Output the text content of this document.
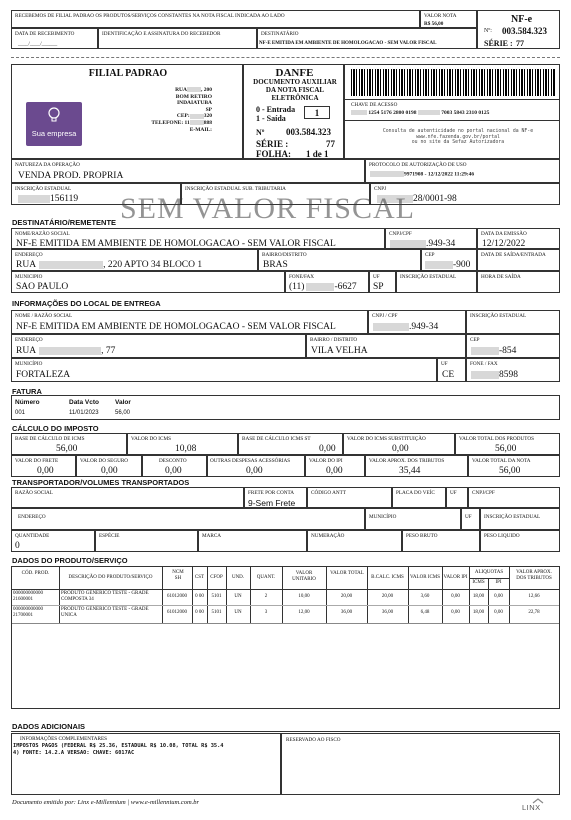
RECEBEMOS DE FILIAL PADRAO OS PRODUTOS/SERVIÇOS CONSTANTES NA NOTA FISCAL INDICADA AO LADO	VALOR NOTA
R$ 56,00
DATA DE RECEBIMENTO
____/____/______
IDENTIFICAÇÃO E ASSINATURA DO RECEBEDOR	DESTINATÁRIO
NF-E EMITIDA EM AMBIENTE DE HOMOLOGACAO - SEM VALOR FISCAL
NF-e
Nº: 003.584.323
SÉRIE : 77
FILIAL PADRAO
Sua empresa
RUA	, 200
BOM RETIRO
INDAIATUBA
SP
CEP:	320
TELEFONE: 11	888
E-MAIL:
DANFE
DOCUMENTO AUXILIAR DA NOTA FISCAL ELETRÔNICA
0 - Entrada
1 - Saída
1
Nº 003.584.323
SÉRIE :	77
FOLHA: 1 de 1
CHAVE DE ACESSO
1254 5176 2800 0198	7003 5843 2310 0125
Consulta de autenticidade no portal nacional da NF-e
www.nfe.fazenda.gov.br/portal
ou no site da Sefaz Autorizadora
NATUREZA DA OPERAÇÃO
VENDA PROD. PROPRIA
PROTOCOLO DE AUTORIZAÇÃO DE USO
9971908 - 12/12/2022 11:29:46
INSCRIÇÃO ESTADUAL
156119
INSCRIÇÃO ESTADUAL SUB. TRIBUTARIA	CNPJ
28/0001-98
SEM VALOR FISCAL
DESTINATÁRIO/REMETENTE
NOME/RAZÃO SOCIAL
NF-E EMITIDA EM AMBIENTE DE HOMOLOGACAO - SEM VALOR FISCAL
CNPJ/CPF
.949-34
DATA DA EMISSÃO
12/12/2022
ENDEREÇO
RUA	, 220 APTO 34 BLOCO 1
BAIRRO/DISTRITO
BRAS
CEP
-900
DATA DE SAÍDA/ENTRADA
MUNICIPIO
SAO PAULO
FONE/FAX
(11)	-6627
UF
SP
INSCRIÇÃO ESTADUAL	HORA DE SAÍDA
INFORMAÇÕES DO LOCAL DE ENTREGA
NOME / RAZÃO SOCIAL
NF-E EMITIDA EM AMBIENTE DE HOMOLOGACAO - SEM VALOR FISCAL
CNPJ / CPF
.949-34
INSCRIÇÃO ESTADUAL
ENDEREÇO
RUA	, 77
BAIRRO / DISTRITO
VILA VELHA
CEP
-854
MUNICÍPIO
FORTALEZA
UF
CE
FONE / FAX
8598
FATURA
Número	Data Vcto Valor
001	11/01/2023	56,00
CÁLCULO DO IMPOSTO
BASE DE CÁLCULO DE ICMS
56,00
VALOR DO ICMS
10,08
BASE DE CÁLCULO ICMS ST
0,00
VALOR DO ICMS SUBSTITUIÇÃO
0,00
VALOR TOTAL DOS PRODUTOS
56,00
VALOR DO FRETE
0,00
VALOR DO SEGURO
0,00
DESCONTO
0,00
OUTRAS DESPESAS ACESSÓRIAS
0,00
VALOR DO IPI
0,00
VALOR APROX. DOS TRIBUTOS
35,44
VALOR TOTAL DA NOTA
56,00
TRANSPORTADOR/VOLUMES TRANSPORTADOS
RAZÃO SOCIAL	FRETE POR CONTA
9-Sem Frete
CÓDIGO ANTT	PLACA DO VEÍC	UF	CNPJ/CPF
ENDEREÇO	MUNICÍPIO	UF INSCRIÇÃO ESTADUAL
QUANTIDADE
0
ESPÉCIE	MARCA	NUMERAÇÃO	PESO BRUTO	PESO LIQUIDO
DADOS DO PRODUTO/SERVIÇO
CÓD. PROD.
DESCRIÇÃO DO PRODUTO/SERVIÇO
NCM SH	CST	CFOP	UND.	QUANT.
VALOR UNITARIO
VALOR TOTAL
B.CALC. ICMS	VALOR ICMS VALOR IPI
ALIQUOTAS
ICMS	IPI
VALOR APROX. DOS TRIBUTOS
000000000000 21600001
PRODUTO GENERICO TESTE - GRADE COMPOSTA 34
61012000	0 00	5101	UN	2	10,00	20,00	20,00	3,60	0,00	18,00	0,00	12,66
000000000000 21700001
PRODUTO GENERICO TESTE - GRADE UNICA
61012000	0 00	5101	UN	3	12,00	36,00	36,00	6,48	0,00	18,00	0,00	22,78
DADOS ADICIONAIS
INFORMAÇÕES COMPLEMENTARES
IMPOSTOS PAGOS (FEDERAL R$ 25.36, ESTADUAL R$ 10.08, TOTAL R$ 35.4
4) FONTE: 14.2.A VERSAO: CHAVE: 6017AC
RESERVADO AO FISCO
Documento emitido por: Linx e-Millennium | www.e-millennium.com.br
LINX
